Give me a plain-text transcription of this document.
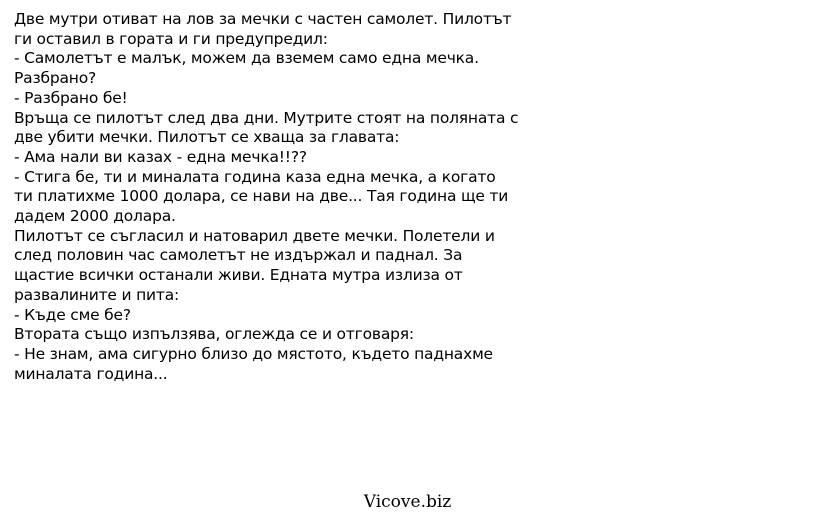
Две мутри отиват на лов за мечки с частен самолет. Пилотът
ги оставил в гората и ги предупредил:
- Самолетът е малък, можем да вземем само една мечка.
Разбрано?
- Разбрано бе!
Връща се пилотът след два дни. Мутрите стоят на поляната с
две убити мечки. Пилотът се хваща за главата:
- Ама нали ви казах - една мечка!!??
- Стига бе, ти и миналата година каза една мечка, а когато
ти платихме 1000 долара, се нави на две... Тая година ще ти
дадем 2000 долара.
Пилотът се съгласил и натоварил двете мечки. Полетели и
след половин час самолетът не издържал и паднал. За
щастие всички останали живи. Едната мутра излиза от
развалините и пита:
- Къде сме бе?
Втората също изпълзява, оглежда се и отговаря:
- Не знам, ама сигурно близо до мястото, където паднахме
миналата година...
Vicove.biz
